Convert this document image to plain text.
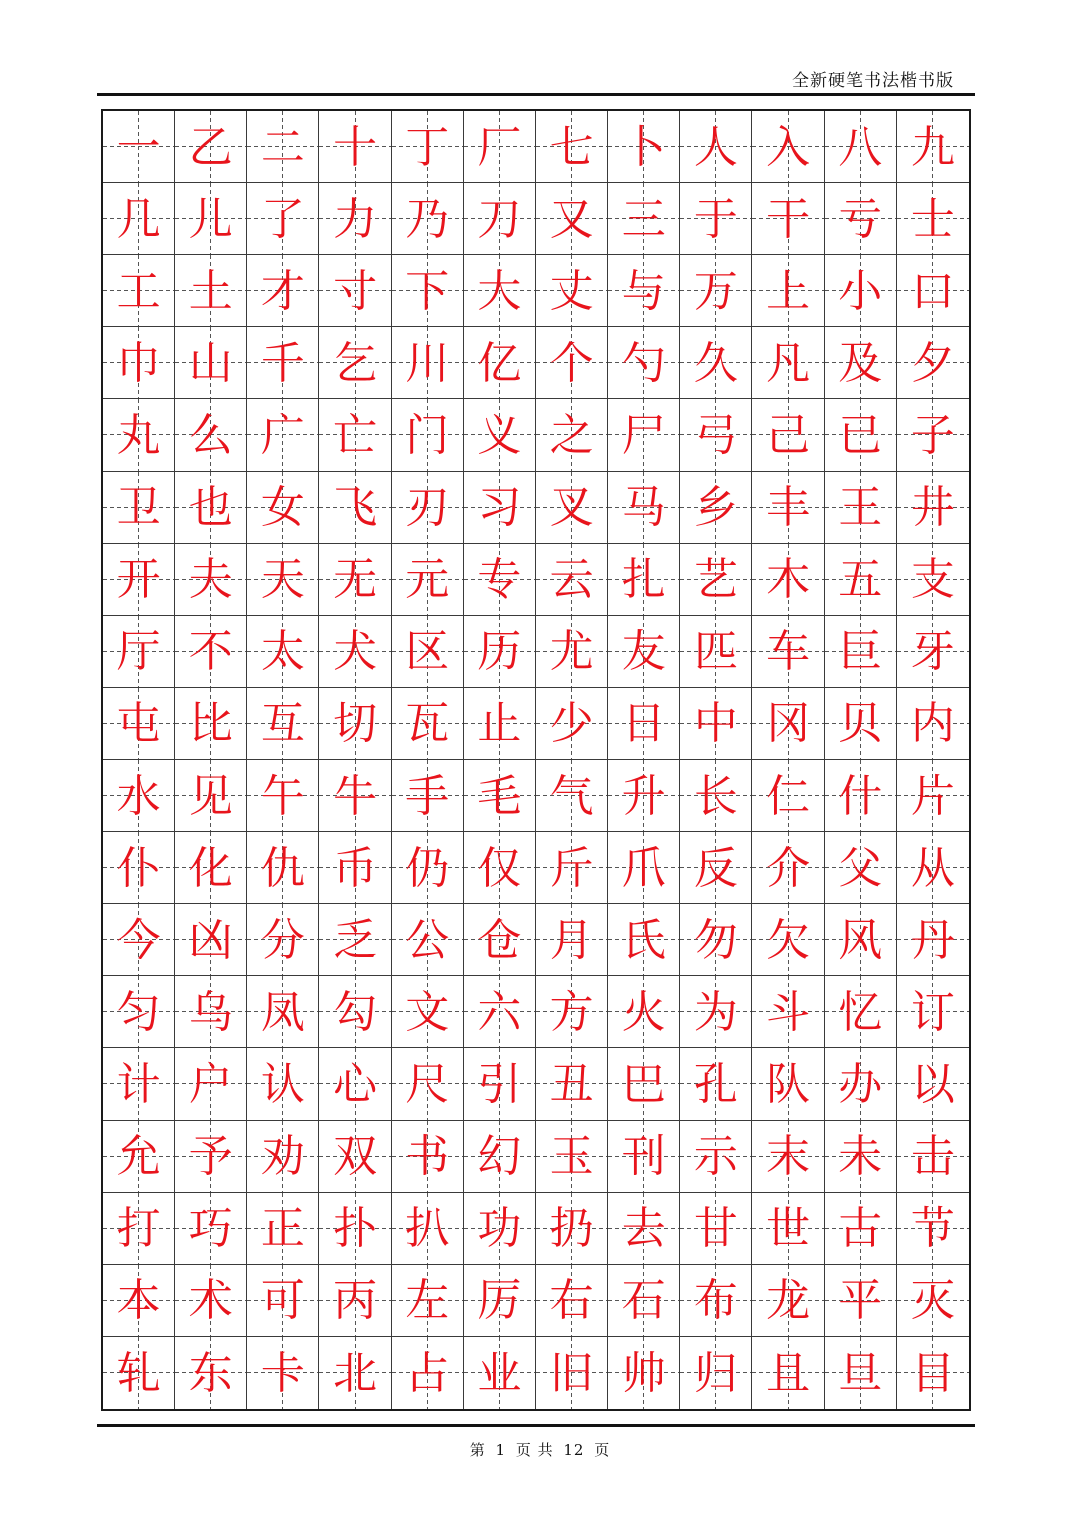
全新硬笔书法楷书版
一 乙 二 十 丁 厂 七 卜 人 入 八 九
几 儿 了 力 乃 刀 又 三 于 干 亏 士
工 土 才 寸 下 大 丈 与 万 上 小 口
巾 山 千 乞 川 亿 个 勺 久 凡 及 夕
丸 么 广 亡 门 义 之 尸 弓 己 已 子
卫 也 女 飞 刃 习 叉 马 乡 丰 王 井
开 夫 天 无 元 专 云 扎 艺 木 五 支
厅 不 太 犬 区 历 尤 友 匹 车 巨 牙
屯 比 互 切 瓦 止 少 日 中 冈 贝 内
水 见 午 牛 手 毛 气 升 长 仁 什 片
仆 化 仇 币 仍 仅 斤 爪 反 介 父 从
今 凶 分 乏 公 仓 月 氏 勿 欠 风 丹
匀 乌 凤 勾 文 六 方 火 为 斗 忆 订
计 户 认 心 尺 引 丑 巴 孔 队 办 以
允 予 劝 双 书 幻 玉 刊 示 末 未 击
打 巧 正 扑 扒 功 扔 去 甘 世 古 节
本 术 可 丙 左 厉 右 石 布 龙 平 灭
轧 东 卡 北 占 业 旧 帅 归 且 旦 目
第 1 页 共 12 页
